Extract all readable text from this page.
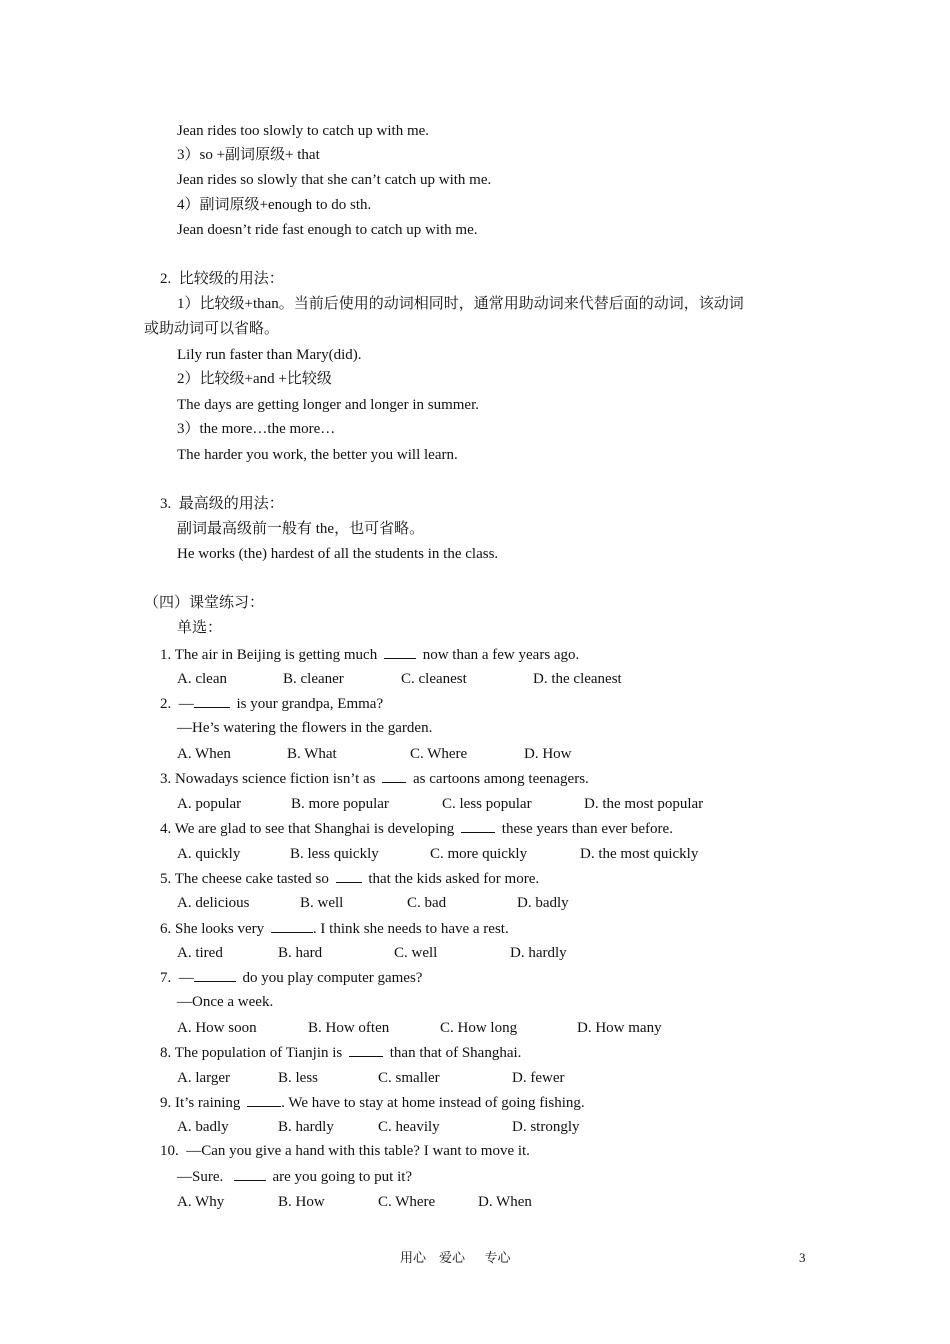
Jean rides too slowly to catch up with me.
3）so +副词原级+ that
Jean rides so slowly that she can’t catch up with me.
4）副词原级+enough to do sth.
Jean doesn’t ride fast enough to catch up with me.
2.  比较级的用法：
1）比较级+than。当前后使用的动词相同时，通常用助动词来代替后面的动词，该动词
或助动词可以省略。
Lily run faster than Mary(did).
2）比较级+and +比较级
The days are getting longer and longer in summer.
3）the more…the more…
The harder you work, the better you will learn.
3.  最高级的用法：
副词最高级前一般有 the，也可省略。
He works (the) hardest of all the students in the class.
（四）课堂练习：
单选：
1. The air in Beijing is getting much	now than a few years ago.
A. clean	B. cleaner	C. cleanest	D. the cleanest
2. —	is your grandpa, Emma?
—He’s watering the flowers in the garden.
A. When	B. What	C. Where	D. How
3. Nowadays science fiction isn’t as	as cartoons among teenagers.
A. popular	B. more popular	C. less popular	D. the most popular
4. We are glad to see that Shanghai is developing	these years than ever before.
A. quickly	B. less quickly	C. more quickly	D. the most quickly
5. The cheese cake tasted so	that the kids asked for more.
A. delicious	B. well	C. bad	D. badly
6. She looks very	. I think she needs to have a rest.
A. tired	B. hard	C. well	D. hardly
7. —	do you play computer games?
—Once a week.
A. How soon	B. How often	C. How long	D. How many
8. The population of Tianjin is	than that of Shanghai.
A. larger	B. less	C. smaller	D. fewer
9. It’s raining	. We have to stay at home instead of going fishing.
A. badly	B. hardly	C. heavily	D. strongly
10. —Can you give a hand with this table? I want to move it.
—Sure.	are you going to put it?
A. Why	B. How	C. Where	D. When
用心    爱心      专心	3
